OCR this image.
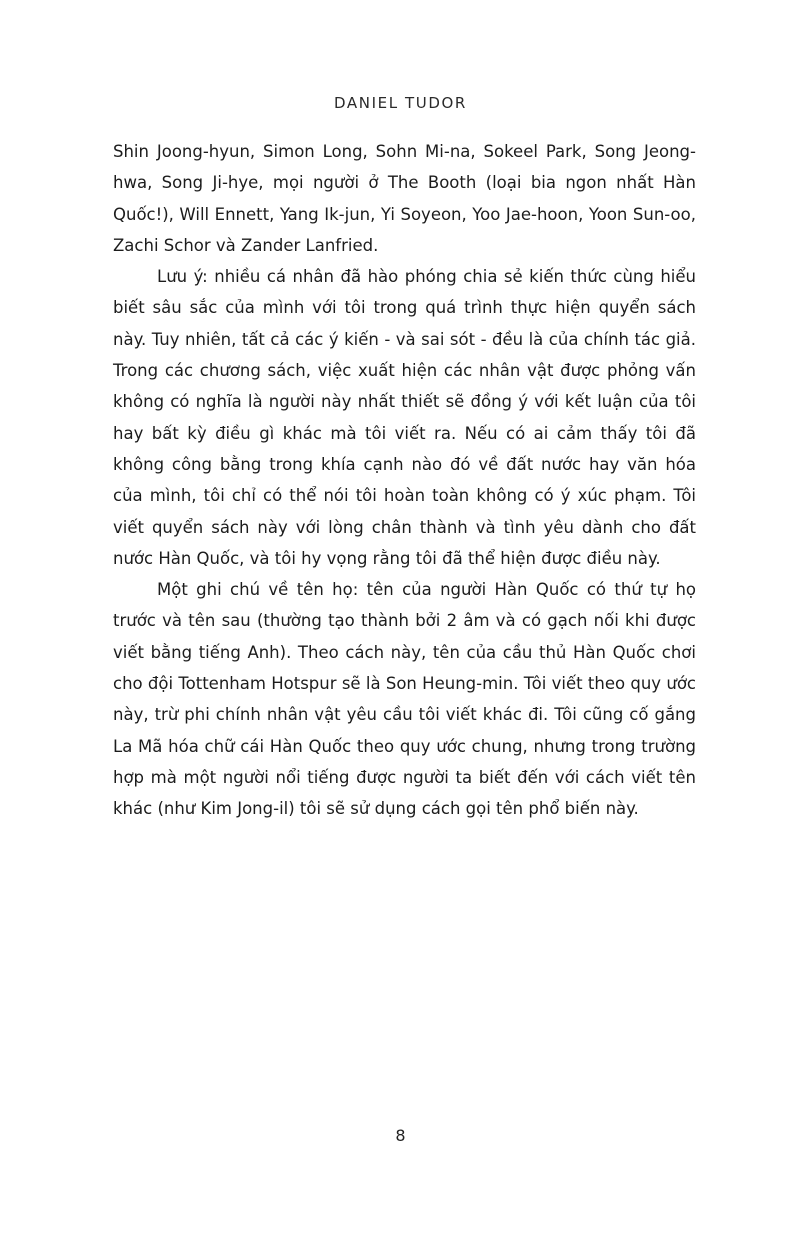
DANIEL TUDOR

Shin Joong-hyun, Simon Long, Sohn Mi-na, Sokeel Park, Song Jeong-hwa, Song Ji-hye, mọi người ở The Booth (loại bia ngon nhất Hàn Quốc!), Will Ennett, Yang Ik-jun, Yi Soyeon, Yoo Jae-hoon, Yoon Sun-oo, Zachi Schor và Zander Lanfried.

Lưu ý: nhiều cá nhân đã hào phóng chia sẻ kiến thức cùng hiểu biết sâu sắc của mình với tôi trong quá trình thực hiện quyển sách này. Tuy nhiên, tất cả các ý kiến - và sai sót - đều là của chính tác giả. Trong các chương sách, việc xuất hiện các nhân vật được phỏng vấn không có nghĩa là người này nhất thiết sẽ đồng ý với kết luận của tôi hay bất kỳ điều gì khác mà tôi viết ra. Nếu có ai cảm thấy tôi đã không công bằng trong khía cạnh nào đó về đất nước hay văn hóa của mình, tôi chỉ có thể nói tôi hoàn toàn không có ý xúc phạm. Tôi viết quyển sách này với lòng chân thành và tình yêu dành cho đất nước Hàn Quốc, và tôi hy vọng rằng tôi đã thể hiện được điều này.

Một ghi chú về tên họ: tên của người Hàn Quốc có thứ tự họ trước và tên sau (thường tạo thành bởi 2 âm và có gạch nối khi được viết bằng tiếng Anh). Theo cách này, tên của cầu thủ Hàn Quốc chơi cho đội Tottenham Hotspur sẽ là Son Heung-min. Tôi viết theo quy ước này, trừ phi chính nhân vật yêu cầu tôi viết khác đi. Tôi cũng cố gắng La Mã hóa chữ cái Hàn Quốc theo quy ước chung, nhưng trong trường hợp mà một người nổi tiếng được người ta biết đến với cách viết tên khác (như Kim Jong-il) tôi sẽ sử dụng cách gọi tên phổ biến này.

8
